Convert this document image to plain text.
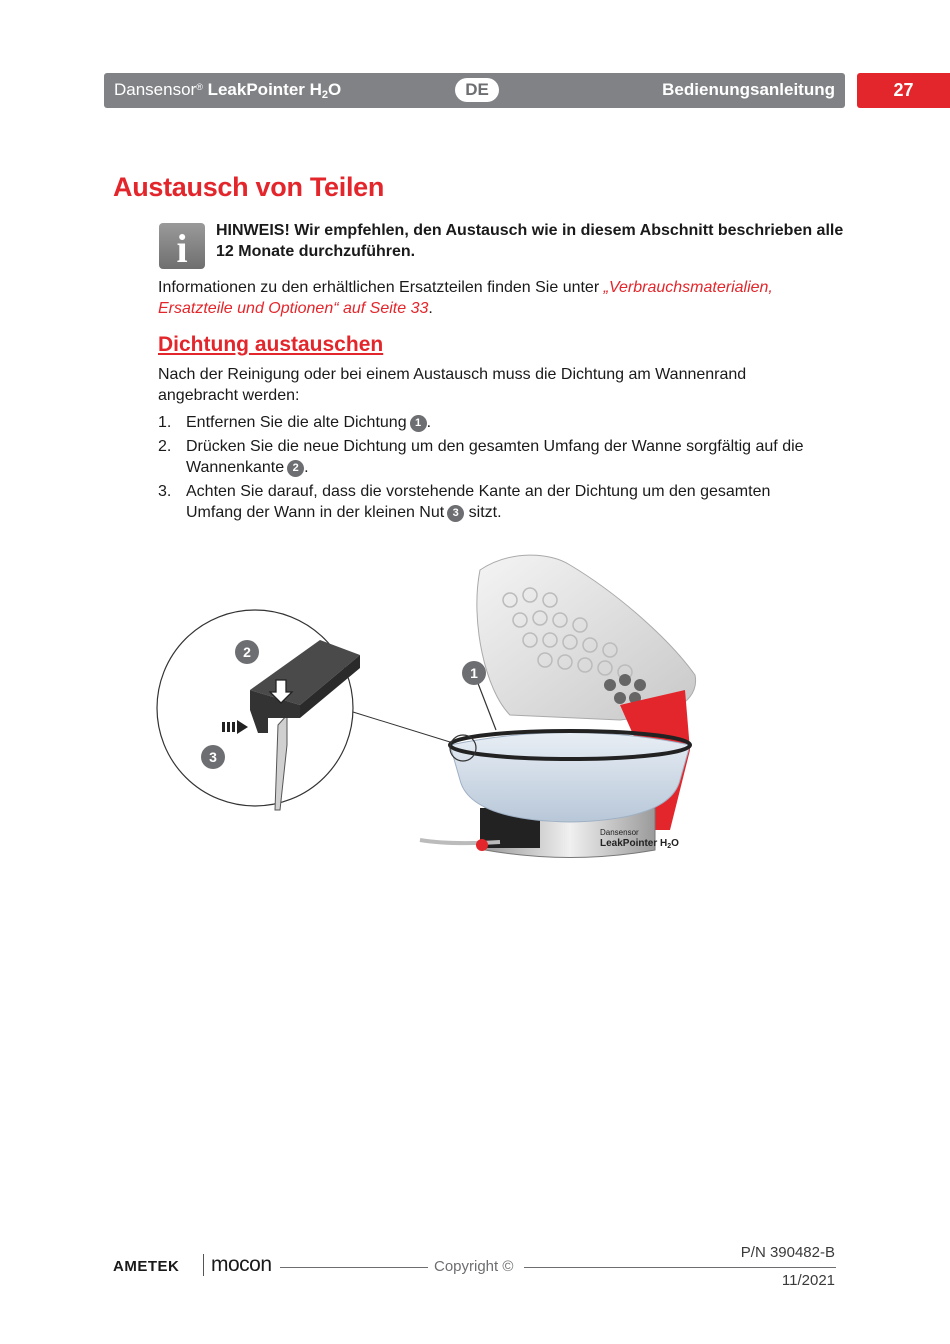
Dansensor® LeakPointer $H_2O$	DE	Bedienungsanleitung	27
Austausch von Teilen
i	HINWEIS! Wir empfehlen, den Austausch wie in diesem Abschnitt beschrieben alle
12 Monate durchzuführen.
Informationen zu den erhältlichen Ersatzteilen finden Sie unter „Verbrauchsmaterialien,
Ersatzteile und Optionen“ auf Seite 33.
Dichtung austauschen
Nach der Reinigung oder bei einem Austausch muss die Dichtung am Wannenrand
angebracht werden:
1. Entfernen Sie die alte Dichtung 1 .
2. Drücken Sie die neue Dichtung um den gesamten Umfang der Wanne sorgfältig auf die
Wannenkante 2 .
3. Achten Sie darauf, dass die vorstehende Kante an der Dichtung um den gesamten
Umfang der Wann in der kleinen Nut 3 sitzt.
Dansensor
LeakPointer $H_2O$
2
3
1
AMETEK mocon	Copyright ©
P/N 390482-B
11/2021
